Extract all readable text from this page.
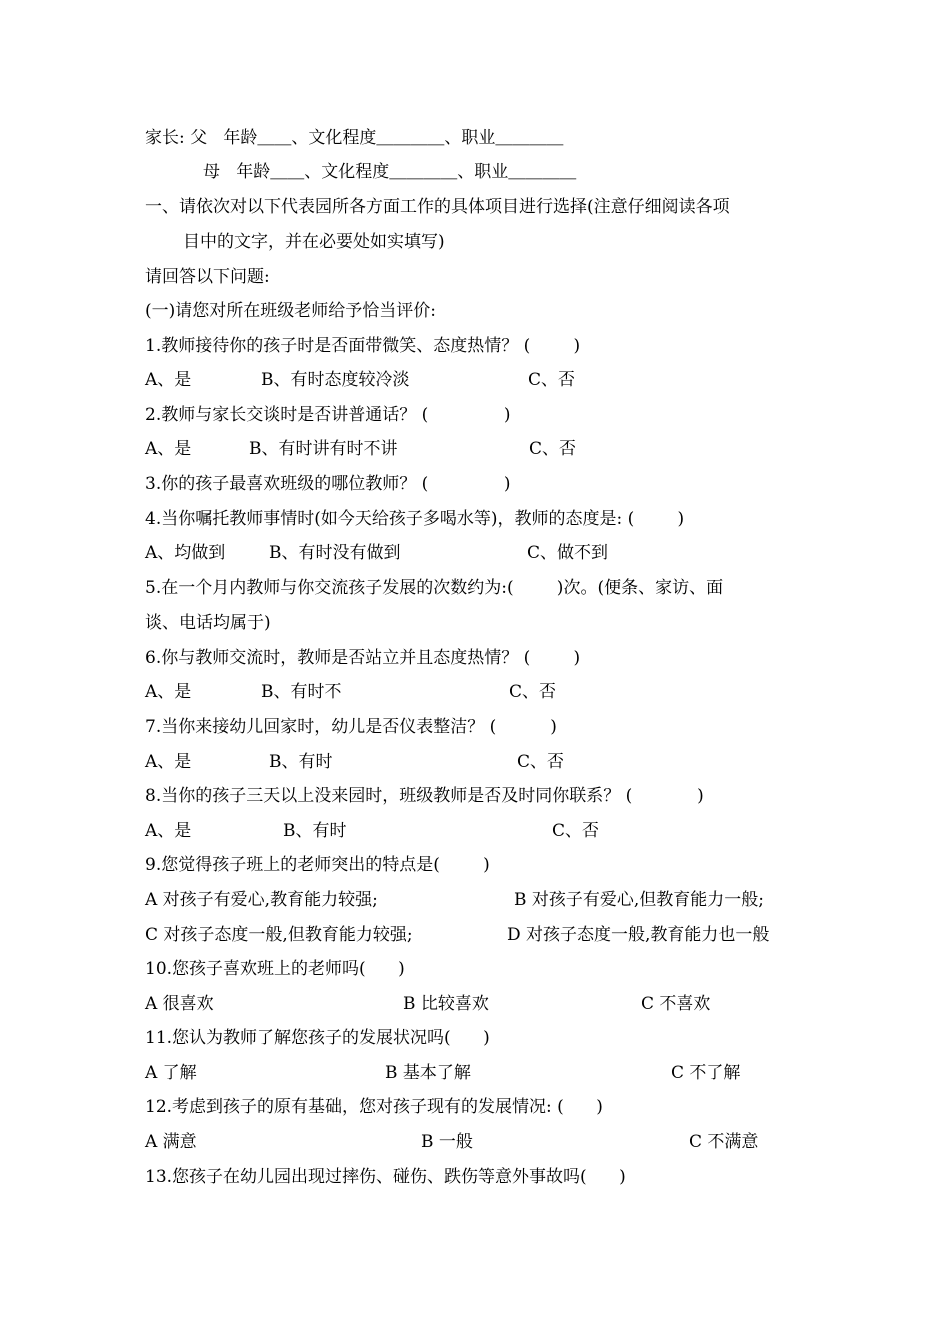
家长: 父   年龄＿＿、文化程度＿＿＿＿、职业＿＿＿＿
母   年龄＿＿、文化程度＿＿＿＿、职业＿＿＿＿
一、请依次对以下代表园所各方面工作的具体项目进行选择(注意仔细阅读各项
目中的文字，并在必要处如实填写)
请回答以下问题:
(一)请您对所在班级老师给予恰当评价:
1.教师接待你的孩子时是否面带微笑、态度热情？ (        )
A、是	B、有时态度较冷淡	C、否
2.教师与家长交谈时是否讲普通话？ (              )
A、是	B、有时讲有时不讲	C、否
3.你的孩子最喜欢班级的哪位教师？ (              )
4.当你嘱托教师事情时(如今天给孩子多喝水等)，教师的态度是: (        )
A、均做到	B、有时没有做到	C、做不到
5.在一个月内教师与你交流孩子发展的次数约为:(        )次。(便条、家访、面
谈、电话均属于)
6.你与教师交流时，教师是否站立并且态度热情？ (        )
A、是	B、有时不	C、否
7.当你来接幼儿回家时，幼儿是否仪表整洁？ (          )
A、是	B、有时	C、否
8.当你的孩子三天以上没来园时，班级教师是否及时同你联系？ (            )
A、是	B、有时	C、否
9.您觉得孩子班上的老师突出的特点是(        )
A 对孩子有爱心,教育能力较强;	B 对孩子有爱心,但教育能力一般;
C 对孩子态度一般,但教育能力较强;	D 对孩子态度一般,教育能力也一般
10.您孩子喜欢班上的老师吗(      )
A 很喜欢	B 比较喜欢	C 不喜欢
11.您认为教师了解您孩子的发展状况吗(      )
A 了解	B 基本了解	C 不了解
12.考虑到孩子的原有基础，您对孩子现有的发展情况: (      )
A 满意	B 一般	C 不满意
13.您孩子在幼儿园出现过摔伤、碰伤、跌伤等意外事故吗(      )
